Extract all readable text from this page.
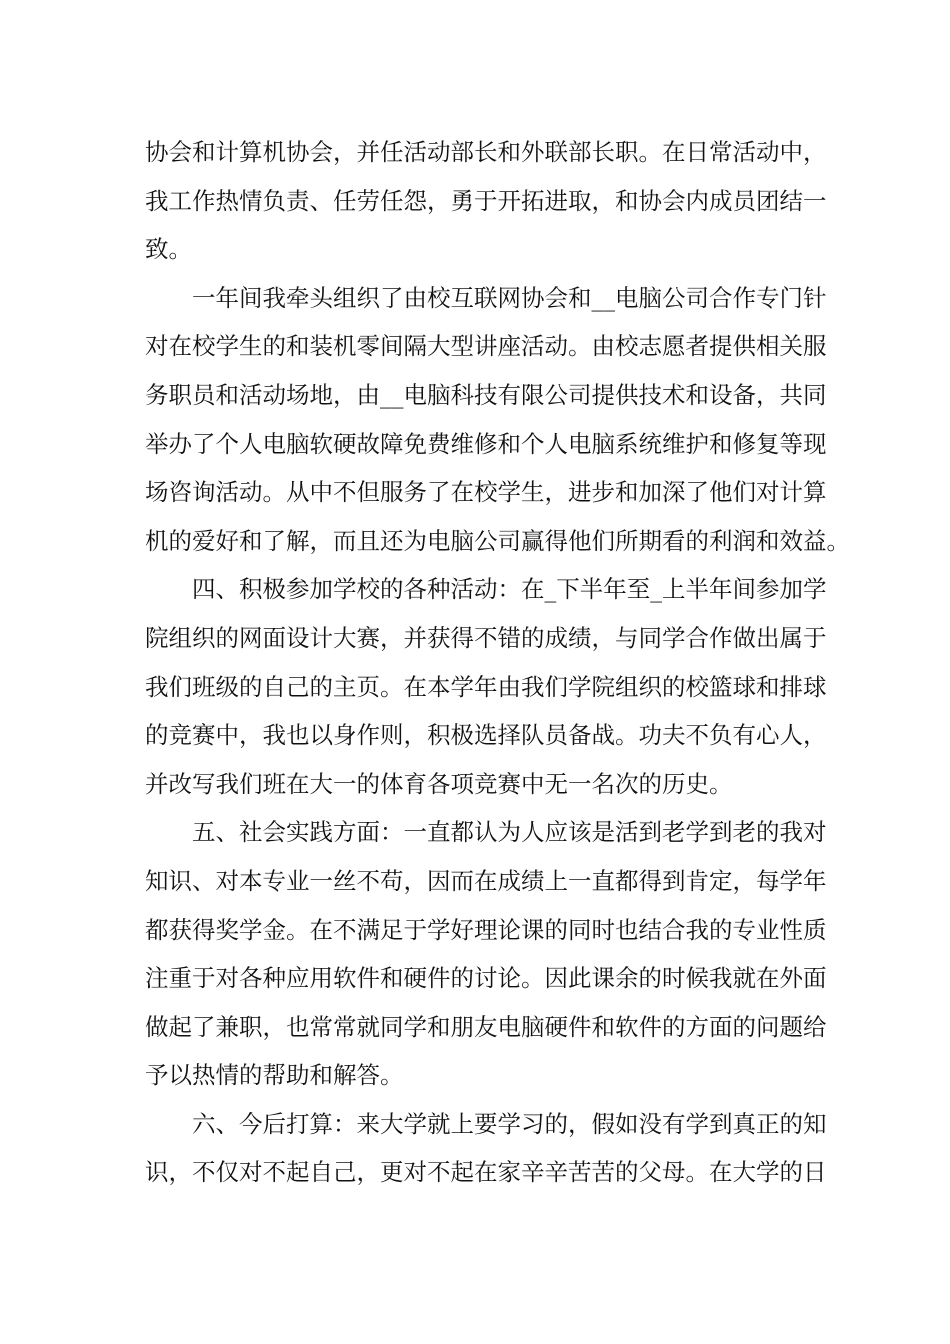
协会和计算机协会，并任活动部长和外联部长职。在日常活动中，
我工作热情负责、任劳任怨，勇于开拓进取，和协会内成员团结一
致。
一年间我牵头组织了由校互联网协会和__电脑公司合作专门针
对在校学生的和装机零间隔大型讲座活动。由校志愿者提供相关服
务职员和活动场地，由__电脑科技有限公司提供技术和设备，共同
举办了个人电脑软硬故障免费维修和个人电脑系统维护和修复等现
场咨询活动。从中不但服务了在校学生，进步和加深了他们对计算
机的爱好和了解，而且还为电脑公司赢得他们所期看的利润和效益。
四、积极参加学校的各种活动：在_下半年至_上半年间参加学
院组织的网面设计大赛，并获得不错的成绩，与同学合作做出属于
我们班级的自己的主页。在本学年由我们学院组织的校篮球和排球
的竞赛中，我也以身作则，积极选择队员备战。功夫不负有心人，
并改写我们班在大一的体育各项竞赛中无一名次的历史。
五、社会实践方面：一直都认为人应该是活到老学到老的我对
知识、对本专业一丝不苟，因而在成绩上一直都得到肯定，每学年
都获得奖学金。在不满足于学好理论课的同时也结合我的专业性质
注重于对各种应用软件和硬件的讨论。因此课余的时候我就在外面
做起了兼职，也常常就同学和朋友电脑硬件和软件的方面的问题给
予以热情的帮助和解答。
六、今后打算：来大学就上要学习的，假如没有学到真正的知
识，不仅对不起自己，更对不起在家辛辛苦苦的父母。在大学的日
